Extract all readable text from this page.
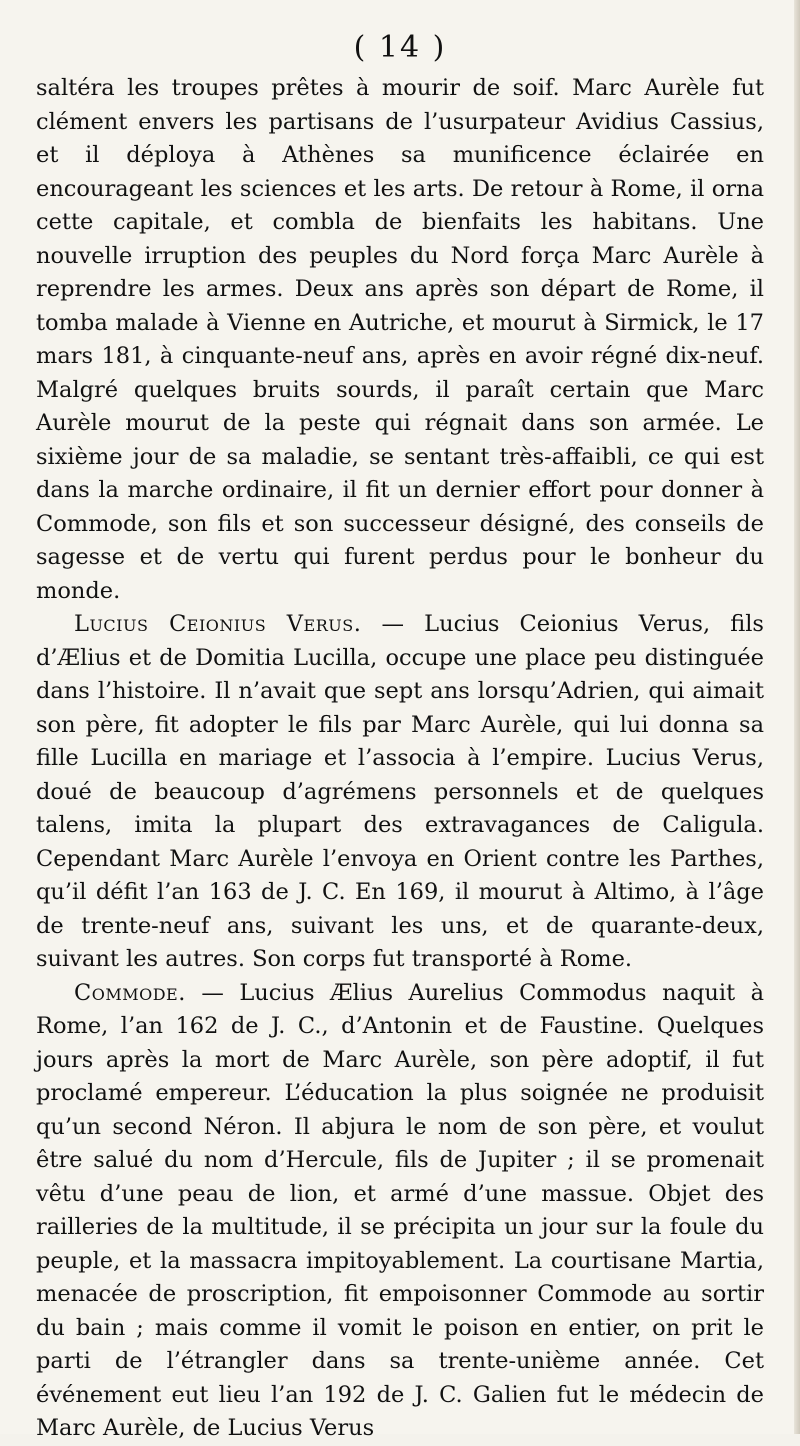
( 14 )

saltéra les troupes prêtes à mourir de soif. Marc Aurèle fut clément envers les partisans de l’usurpateur Avidius Cassius, et il déploya à Athènes sa munificence éclairée en encourageant les sciences et les arts. De retour à Rome, il orna cette capitale, et combla de bienfaits les habitans. Une nouvelle irruption des peuples du Nord força Marc Aurèle à reprendre les armes. Deux ans après son départ de Rome, il tomba malade à Vienne en Autriche, et mourut à Sirmick, le 17 mars 181, à cinquante-neuf ans, après en avoir régné dix-neuf. Malgré quelques bruits sourds, il paraît certain que Marc Aurèle mourut de la peste qui régnait dans son armée. Le sixième jour de sa maladie, se sentant très-affaibli, ce qui est dans la marche ordinaire, il fit un dernier effort pour donner à Commode, son fils et son successeur désigné, des conseils de sagesse et de vertu qui furent perdus pour le bonheur du monde.

Lucius Ceionius Verus. — Lucius Ceionius Verus, fils d’Ælius et de Domitia Lucilla, occupe une place peu distinguée dans l’histoire. Il n’avait que sept ans lorsqu’Adrien, qui aimait son père, fit adopter le fils par Marc Aurèle, qui lui donna sa fille Lucilla en mariage et l’associa à l’empire. Lucius Verus, doué de beaucoup d’agrémens personnels et de quelques talens, imita la plupart des extravagances de Caligula. Cependant Marc Aurèle l’envoya en Orient contre les Parthes, qu’il défit l’an 163 de J. C. En 169, il mourut à Altimo, à l’âge de trente-neuf ans, suivant les uns, et de quarante-deux, suivant les autres. Son corps fut transporté à Rome.

Commode. — Lucius Ælius Aurelius Commodus naquit à Rome, l’an 162 de J. C., d’Antonin et de Faustine. Quelques jours après la mort de Marc Aurèle, son père adoptif, il fut proclamé empereur. L’éducation la plus soignée ne produisit qu’un second Néron. Il abjura le nom de son père, et voulut être salué du nom d’Hercule, fils de Jupiter ; il se promenait vêtu d’une peau de lion, et armé d’une massue. Objet des railleries de la multitude, il se précipita un jour sur la foule du peuple, et la massacra impitoyablement. La courtisane Martia, menacée de proscription, fit empoisonner Commode au sortir du bain ; mais comme il vomit le poison en entier, on prit le parti de l’étrangler dans sa trente-unième année. Cet événement eut lieu l’an 192 de J. C. Galien fut le médecin de Marc Aurèle, de Lucius Verus
